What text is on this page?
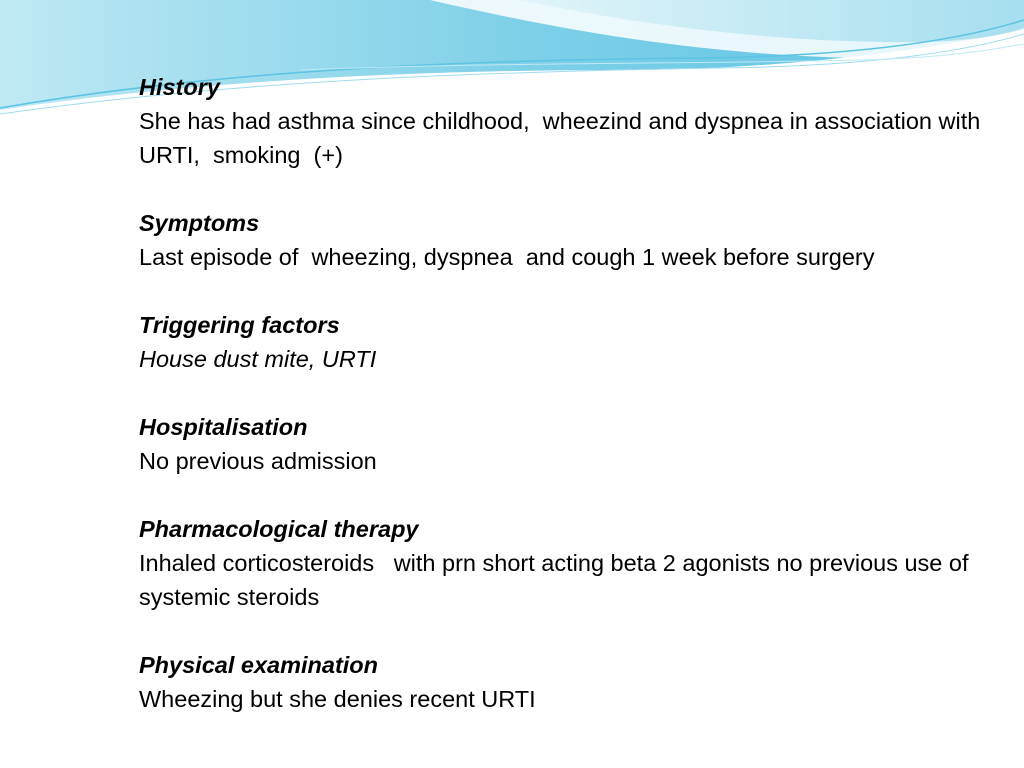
History
She has had asthma since childhood,  wheezind and dyspnea in association with URTI,  smoking  (+)
Symptoms
Last episode of  wheezing, dyspnea  and cough 1 week before surgery
Triggering factors
House dust mite, URTI
Hospitalisation
No previous admission
Pharmacological therapy
Inhaled corticosteroids   with prn short acting beta 2 agonists no previous use of systemic steroids
Physical examination
Wheezing but she denies recent URTI
